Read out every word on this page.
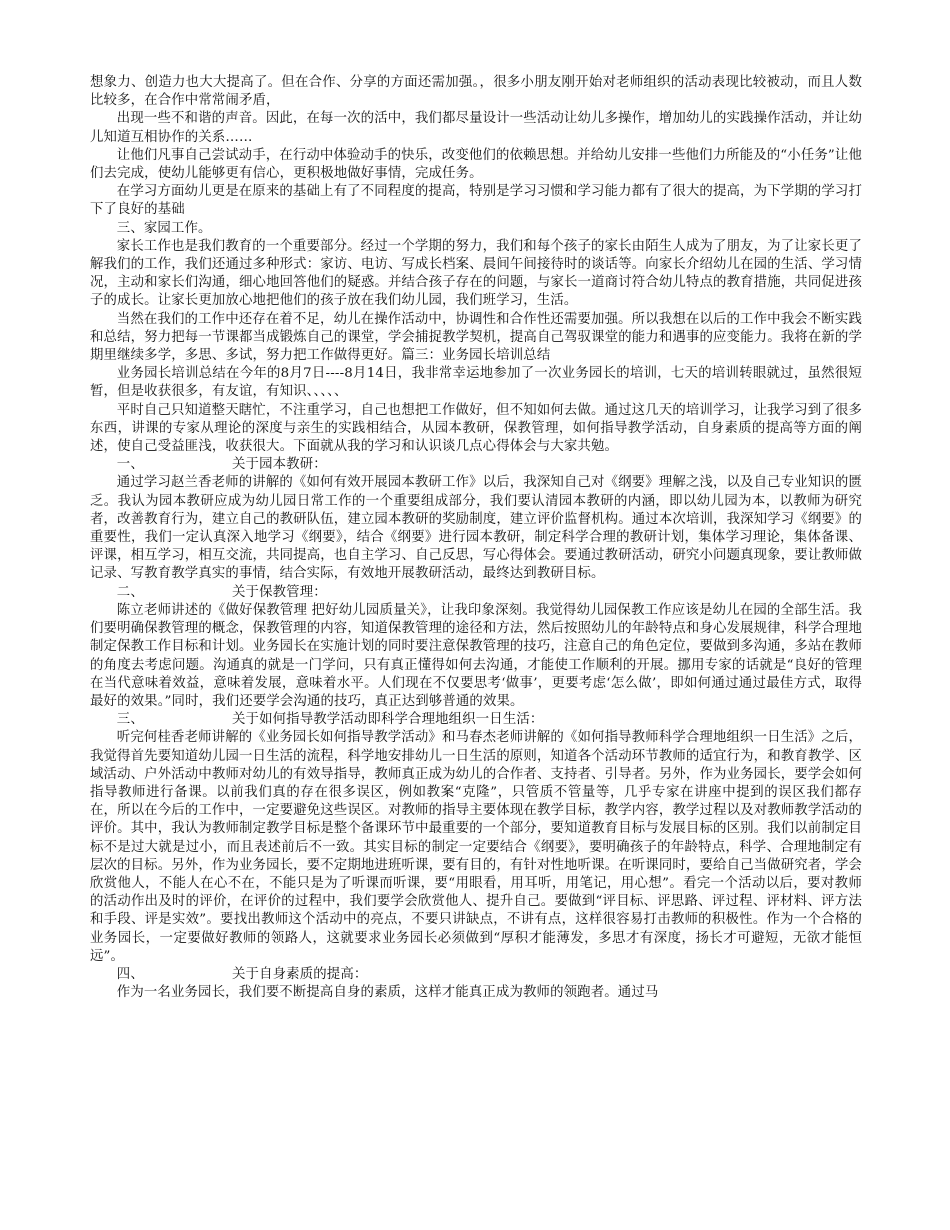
想象力、创造力也大大提高了。但在合作、分享的方面还需加强。，很多小朋友刚开始对老师组织的活动表现比较被动，而且人数比较多，在合作中常常闹矛盾，

出现一些不和谐的声音。因此，在每一次的活中，我们都尽量设计一些活动让幼儿多操作，增加幼儿的实践操作活动，并让幼儿知道互相协作的关系……

让他们凡事自己尝试动手，在行动中体验动手的快乐，改变他们的依赖思想。并给幼儿安排一些他们力所能及的“小任务”让他们去完成，使幼儿能够更有信心，更积极地做好事情，完成任务。

在学习方面幼儿更是在原来的基础上有了不同程度的提高，特别是学习习惯和学习能力都有了很大的提高，为下学期的学习打下了良好的基础

三、家园工作。

家长工作也是我们教育的一个重要部分。经过一个学期的努力，我们和每个孩子的家长由陌生人成为了朋友，为了让家长更了解我们的工作，我们还通过多种形式：家访、电访、写成长档案、晨间午间接待时的谈话等。向家长介绍幼儿在园的生活、学习情况，主动和家长们沟通，细心地回答他们的疑惑。并结合孩子存在的问题，与家长一道商讨符合幼儿特点的教育措施，共同促进孩子的成长。让家长更加放心地把他们的孩子放在我们幼儿园，我们班学习，生活。

当然在我们的工作中还存在着不足，幼儿在操作活动中，协调性和合作性还需要加强。所以我想在以后的工作中我会不断实践和总结，努力把每一节课都当成锻炼自己的课堂，学会捕捉教学契机，提高自己驾驭课堂的能力和遇事的应变能力。我将在新的学期里继续多学，多思、多试，努力把工作做得更好。篇三：业务园长培训总结

业务园长培训总结在今年的8月7日----8月14日，我非常幸运地参加了一次业务园长的培训，七天的培训转眼就过，虽然很短暂，但是收获很多，有友谊，有知识、、、、、

平时自己只知道整天瞎忙，不注重学习，自己也想把工作做好，但不知如何去做。通过这几天的培训学习，让我学习到了很多东西，讲课的专家从理论的深度与亲生的实践相结合，从园本教研，保教管理，如何指导教学活动，自身素质的提高等方面的阐述，使自己受益匪浅，收获很大。下面就从我的学习和认识谈几点心得体会与大家共勉。

一、                    关于园本教研：

通过学习赵兰香老师的讲解的《如何有效开展园本教研工作》以后，我深知自己对《纲要》理解之浅，以及自己专业知识的匮乏。我认为园本教研应成为幼儿园日常工作的一个重要组成部分，我们要认清园本教研的内涵，即以幼儿园为本，以教师为研究者，改善教育行为，建立自己的教研队伍，建立园本教研的奖励制度，建立评价监督机构。通过本次培训，我深知学习《纲要》的重要性，我们一定认真深入地学习《纲要》，结合《纲要》进行园本教研，制定科学合理的教研计划，集体学习理论，集体备课、评课，相互学习，相互交流，共同提高，也自主学习、自己反思，写心得体会。要通过教研活动，研究小问题真现象，要让教师做记录、写教育教学真实的事情，结合实际，有效地开展教研活动，最终达到教研目标。

二、                    关于保教管理：

陈立老师讲述的《做好保教管理 把好幼儿园质量关》，让我印象深刻。我觉得幼儿园保教工作应该是幼儿在园的全部生活。我们要明确保教管理的概念，保教管理的内容，知道保教管理的途径和方法，然后按照幼儿的年龄特点和身心发展规律，科学合理地制定保教工作目标和计划。业务园长在实施计划的同时要注意保教管理的技巧，注意自己的角色定位，要做到多沟通，多站在教师的角度去考虑问题。沟通真的就是一门学问，只有真正懂得如何去沟通，才能使工作顺利的开展。挪用专家的话就是“良好的管理在当代意味着效益，意味着发展，意味着水平。人们现在不仅要思考‘做事’，更要考虑‘怎么做’，即如何通过通过最佳方式，取得最好的效果。”同时，我们还要学会沟通的技巧，真正达到够普通的效果。

三、                    关于如何指导教学活动即科学合理地组织一日生活：

听完何桂香老师讲解的《业务园长如何指导教学活动》和马春杰老师讲解的《如何指导教师科学合理地组织一日生活》之后，我觉得首先要知道幼儿园一日生活的流程，科学地安排幼儿一日生活的原则，知道各个活动环节教师的适宜行为，和教育教学、区域活动、户外活动中教师对幼儿的有效导指导，教师真正成为幼儿的合作者、支持者、引导者。另外，作为业务园长，要学会如何指导教师进行备课。以前我们真的存在很多误区，例如教案“克隆”，只管质不管量等，几乎专家在讲座中提到的误区我们都存在，所以在今后的工作中，一定要避免这些误区。对教师的指导主要体现在教学目标，教学内容，教学过程以及对教师教学活动的评价。其中，我认为教师制定教学目标是整个备课环节中最重要的一个部分，要知道教育目标与发展目标的区别。我们以前制定目标不是过大就是过小，而且表述前后不一致。其实目标的制定一定要结合《纲要》，要明确孩子的年龄特点，科学、合理地制定有层次的目标。另外，作为业务园长，要不定期地进班听课，要有目的，有针对性地听课。在听课同时，要给自己当做研究者，学会欣赏他人，不能人在心不在，不能只是为了听课而听课，要“用眼看，用耳听，用笔记，用心想”。看完一个活动以后，要对教师的活动作出及时的评价，在评价的过程中，我们要学会欣赏他人、提升自己。要做到“评目标、评思路、评过程、评材料、评方法和手段、评是实效”。要找出教师这个活动中的亮点，不要只讲缺点，不讲有点，这样很容易打击教师的积极性。作为一个合格的业务园长，一定要做好教师的领路人，这就要求业务园长必须做到“厚积才能薄发，多思才有深度，扬长才可避短，无欲才能恒远”。

四、                    关于自身素质的提高：

作为一名业务园长，我们要不断提高自身的素质，这样才能真正成为教师的领跑者。通过马
